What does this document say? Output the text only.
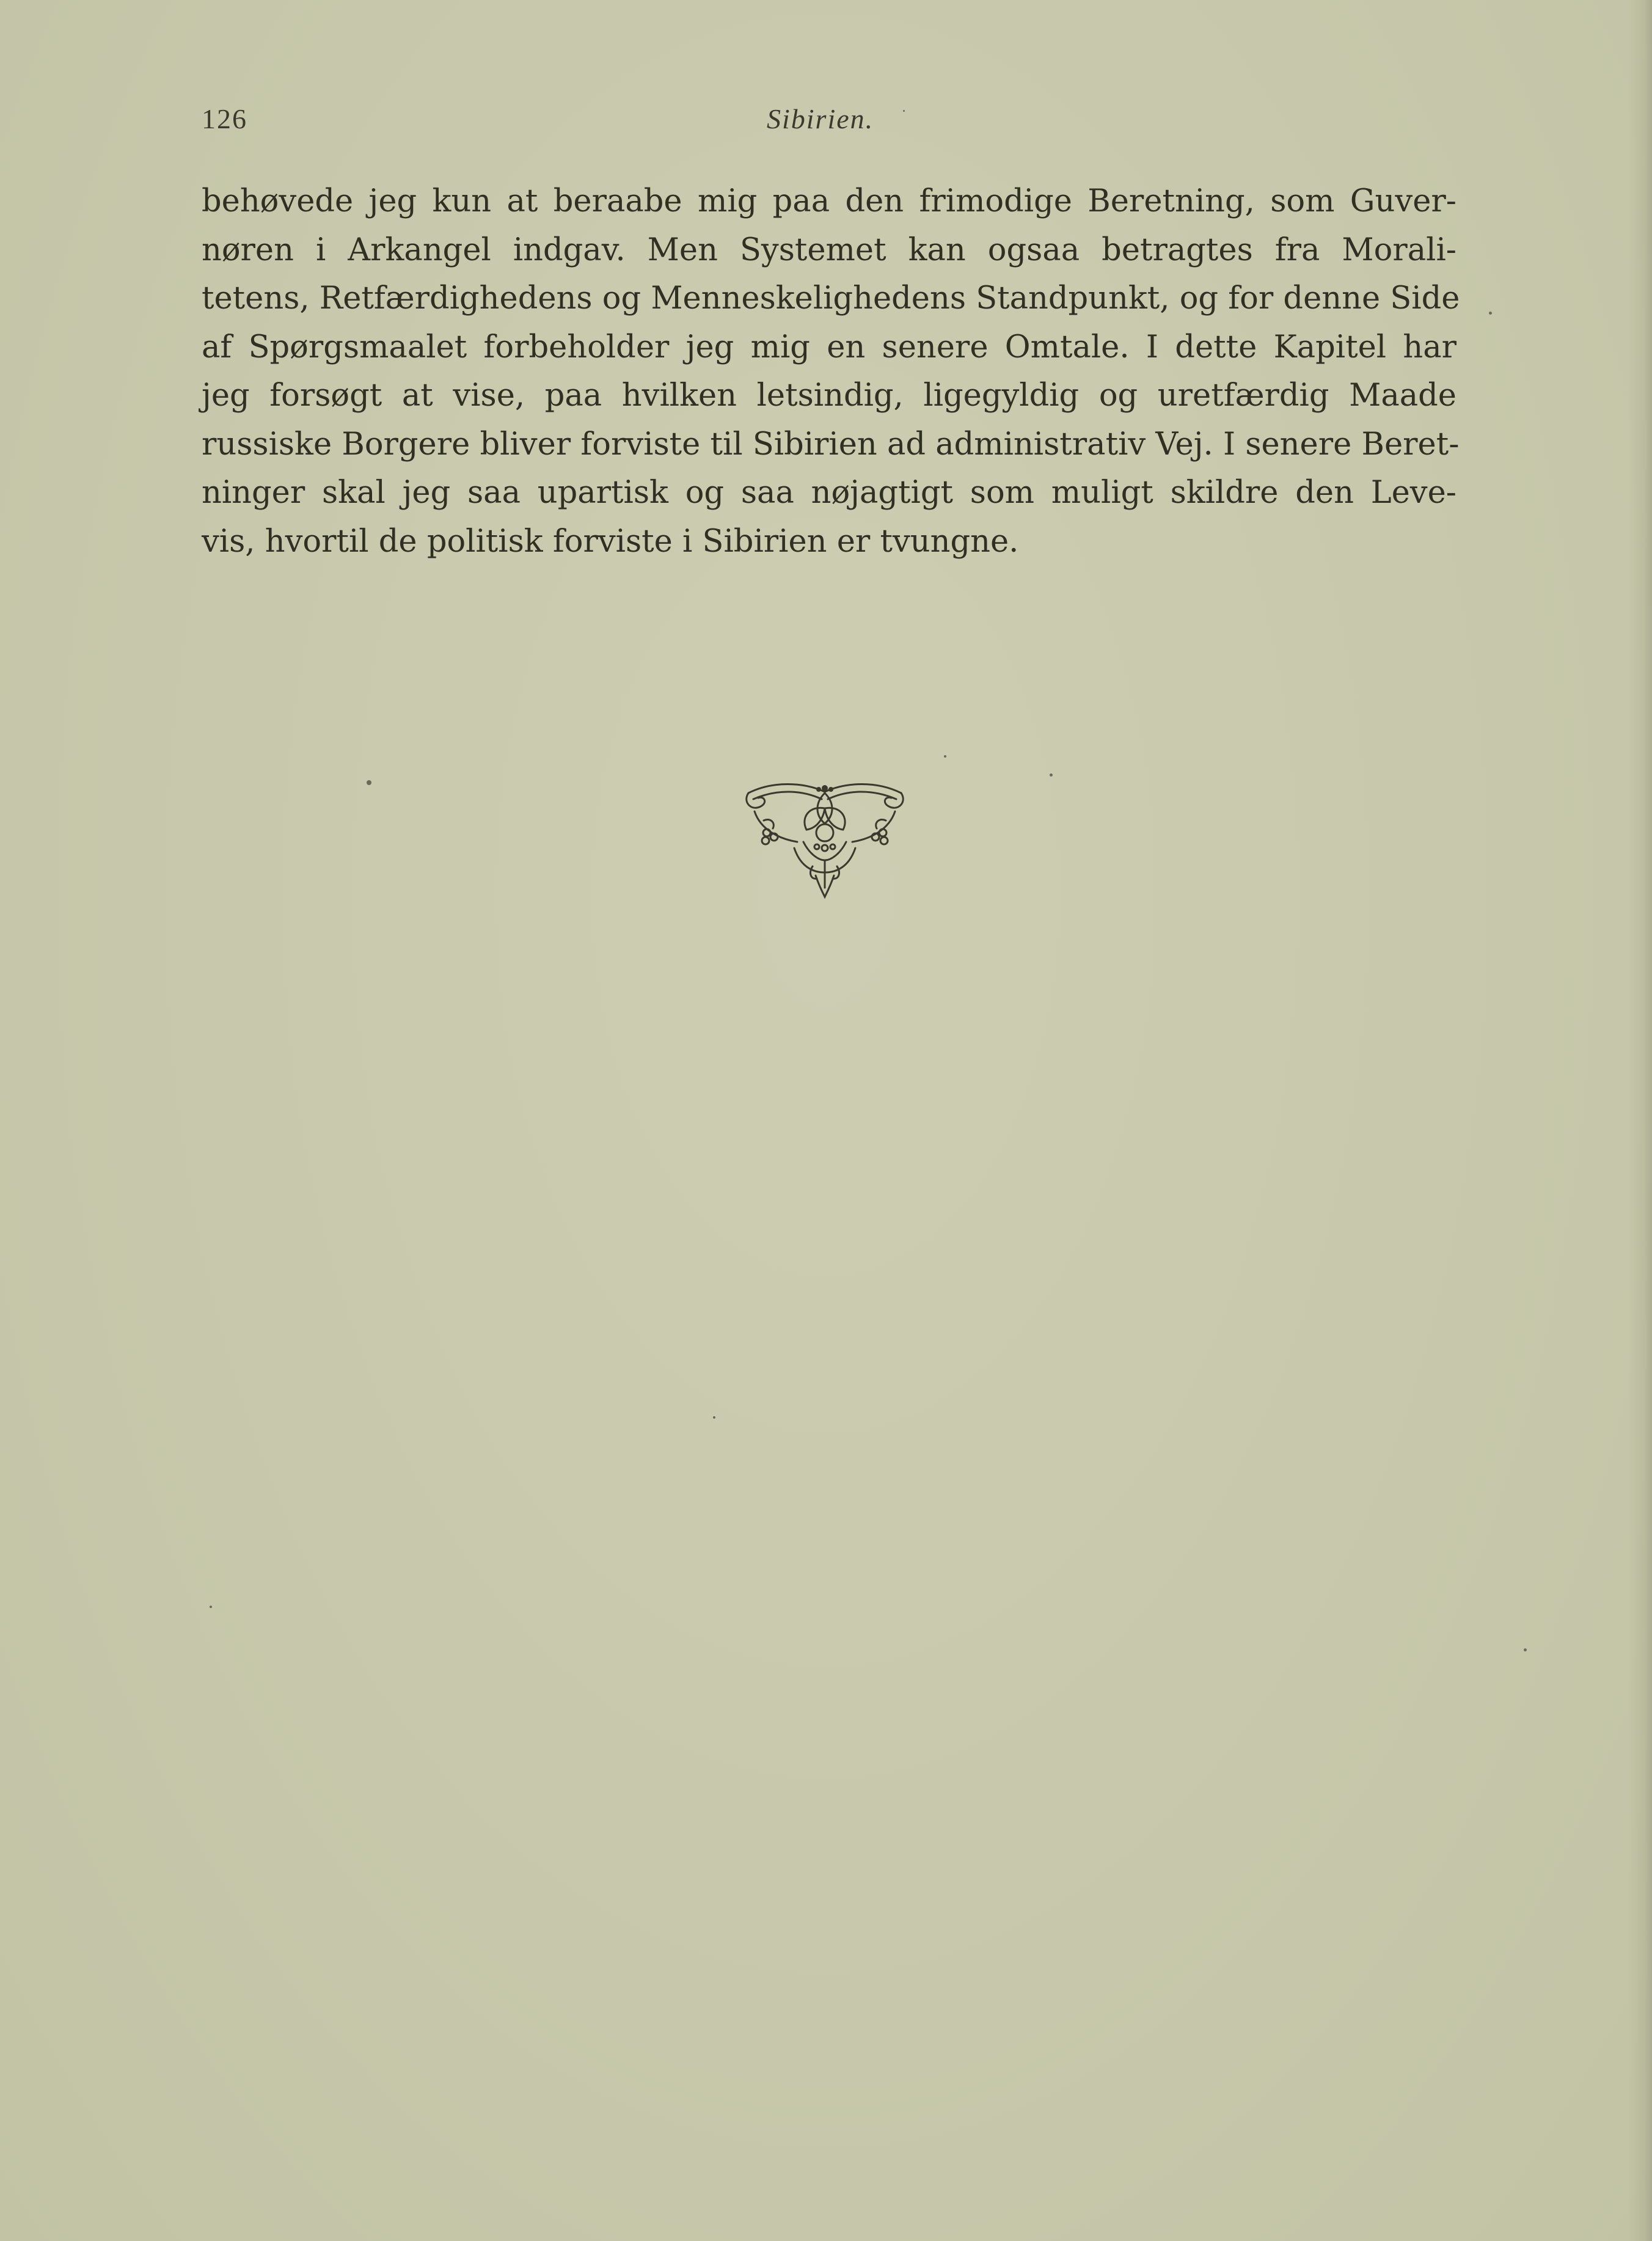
126	Sibirien.
behøvede jeg kun at beraabe mig paa den frimodige Beretning, som Guver-
nøren i Arkangel indgav. Men Systemet kan ogsaa betragtes fra Morali-
tetens, Retfærdighedens og Menneskelighedens Standpunkt, og for denne Side
af Spørgsmaalet forbeholder jeg mig en senere Omtale. I dette Kapitel har
jeg forsøgt at vise, paa hvilken letsindig, ligegyldig og uretfærdig Maade
russiske Borgere bliver forviste til Sibirien ad administrativ Vej. I senere Beret-
ninger skal jeg saa upartisk og saa nøjagtigt som muligt skildre den Leve-
vis, hvortil de politisk forviste i Sibirien er tvungne.
